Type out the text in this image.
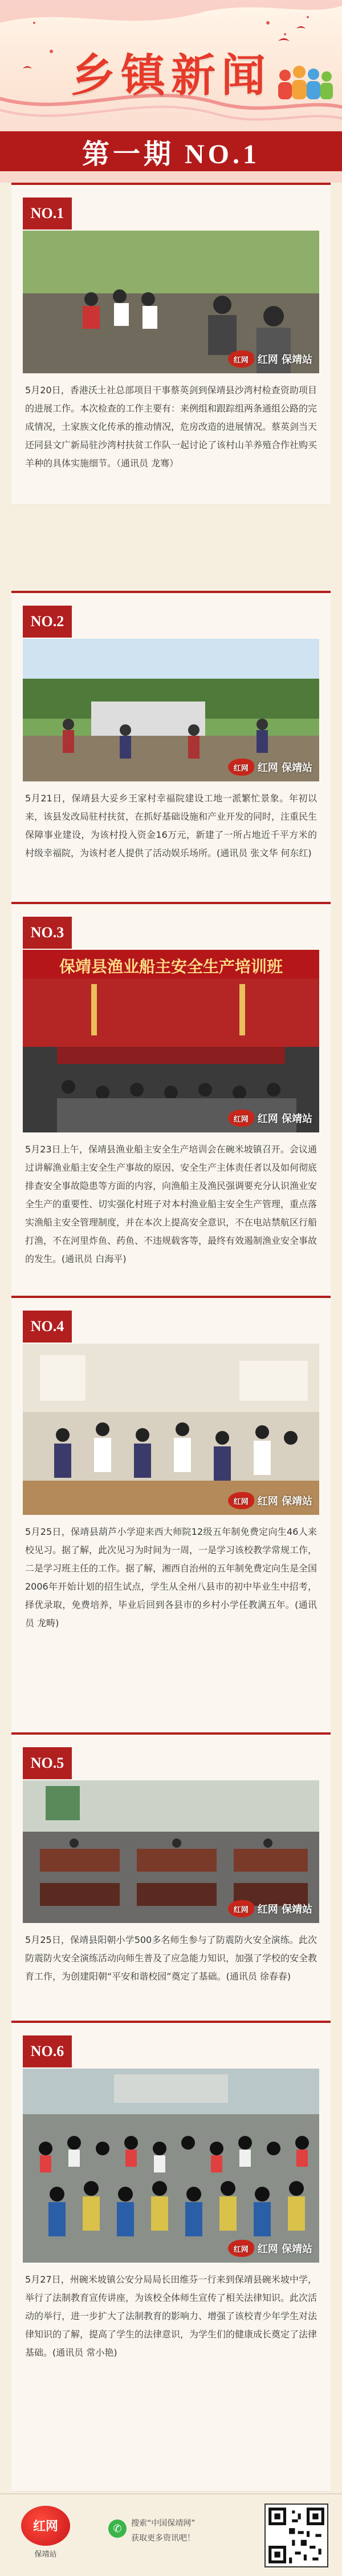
乡镇新闻
第一期 NO.1
NO.1
红网 红网 保靖站
5月20日，香港沃土社总部项目干事蔡英剑到保靖县沙湾村检查资助项目的进展工作。本次检查的工作主要有：来例组和跟踪组两条通组公路的完成情况，土家族文化传承的推动情况，危房改造的进展情况。蔡英剑当天还同县文广新局驻沙湾村扶贫工作队一起讨论了该村山羊养殖合作社购买羊种的具体实施细节。（通讯员 龙骞）
NO.2
红网 红网 保靖站
5月21日，保靖县大妥乡王家村幸福院建设工地一派繁忙景象。年初以来，该县发改局驻村扶贫，在抓好基础设施和产业开发的同时，注重民生保障事业建设，为该村投入资金16万元，新建了一所占地近千平方米的村级幸福院，为该村老人提供了活动娱乐场所。(通讯员 张文华 何东红)
NO.3
保靖县渔业船主安全生产培训班
红网 红网 保靖站
5月23日上午，保靖县渔业船主安全生产培训会在碗米坡镇召开。会议通过讲解渔业船主安全生产事故的原因、安全生产主体责任者以及如何彻底排查安全事故隐患等方面的内容，向渔船主及渔民强调要充分认识渔业安全生产的重要性、切实强化村班子对本村渔业船主安全生产管理，重点落实渔船主安全管理制度，并在本次上提高安全意识，不在电站禁航区行船打渔，不在河里炸鱼、药鱼、不违规载客等，最终有效遏制渔业安全事故的发生。(通讯员 白海平)
NO.4
红网 红网 保靖站
5月25日，保靖县葫芦小学迎来西大师院12级五年制免费定向生46人来校见习。据了解，此次见习为时间为一周，一是学习该校教学常规工作，二是学习班主任的工作。据了解，湘西自治州的五年制免费定向生是全国2006年开始计划的招生试点，学生从全州八县市的初中毕业生中招考，择优录取，免费培养，毕业后回到各县市的乡村小学任教满五年。(通讯员 龙畴)
NO.5
红网 红网 保靖站
5月25日，保靖县阳朝小学500多名师生参与了防震防火安全演练。此次防震防火安全演练活动向师生普及了应急能力知识，加强了学校的安全教育工作，为创建阳朝“平安和谐校园”奠定了基础。(通讯员 徐春春)
NO.6
红网 红网 保靖站
5月27日，州碗米坡镇公安分局局长田维芬一行来到保靖县碗米坡中学，举行了法制教育宣传讲座，为该校全体师生宣传了相关法律知识。此次活动的举行，进一步扩大了法制教育的影响力、增强了该校青少年学生对法律知识的了解，提高了学生的法律意识，为学生们的健康成长奠定了法律基础。(通讯员 常小艳)
红网
保靖站
✆	搜索“中国保靖网”
获取更多资讯吧！
